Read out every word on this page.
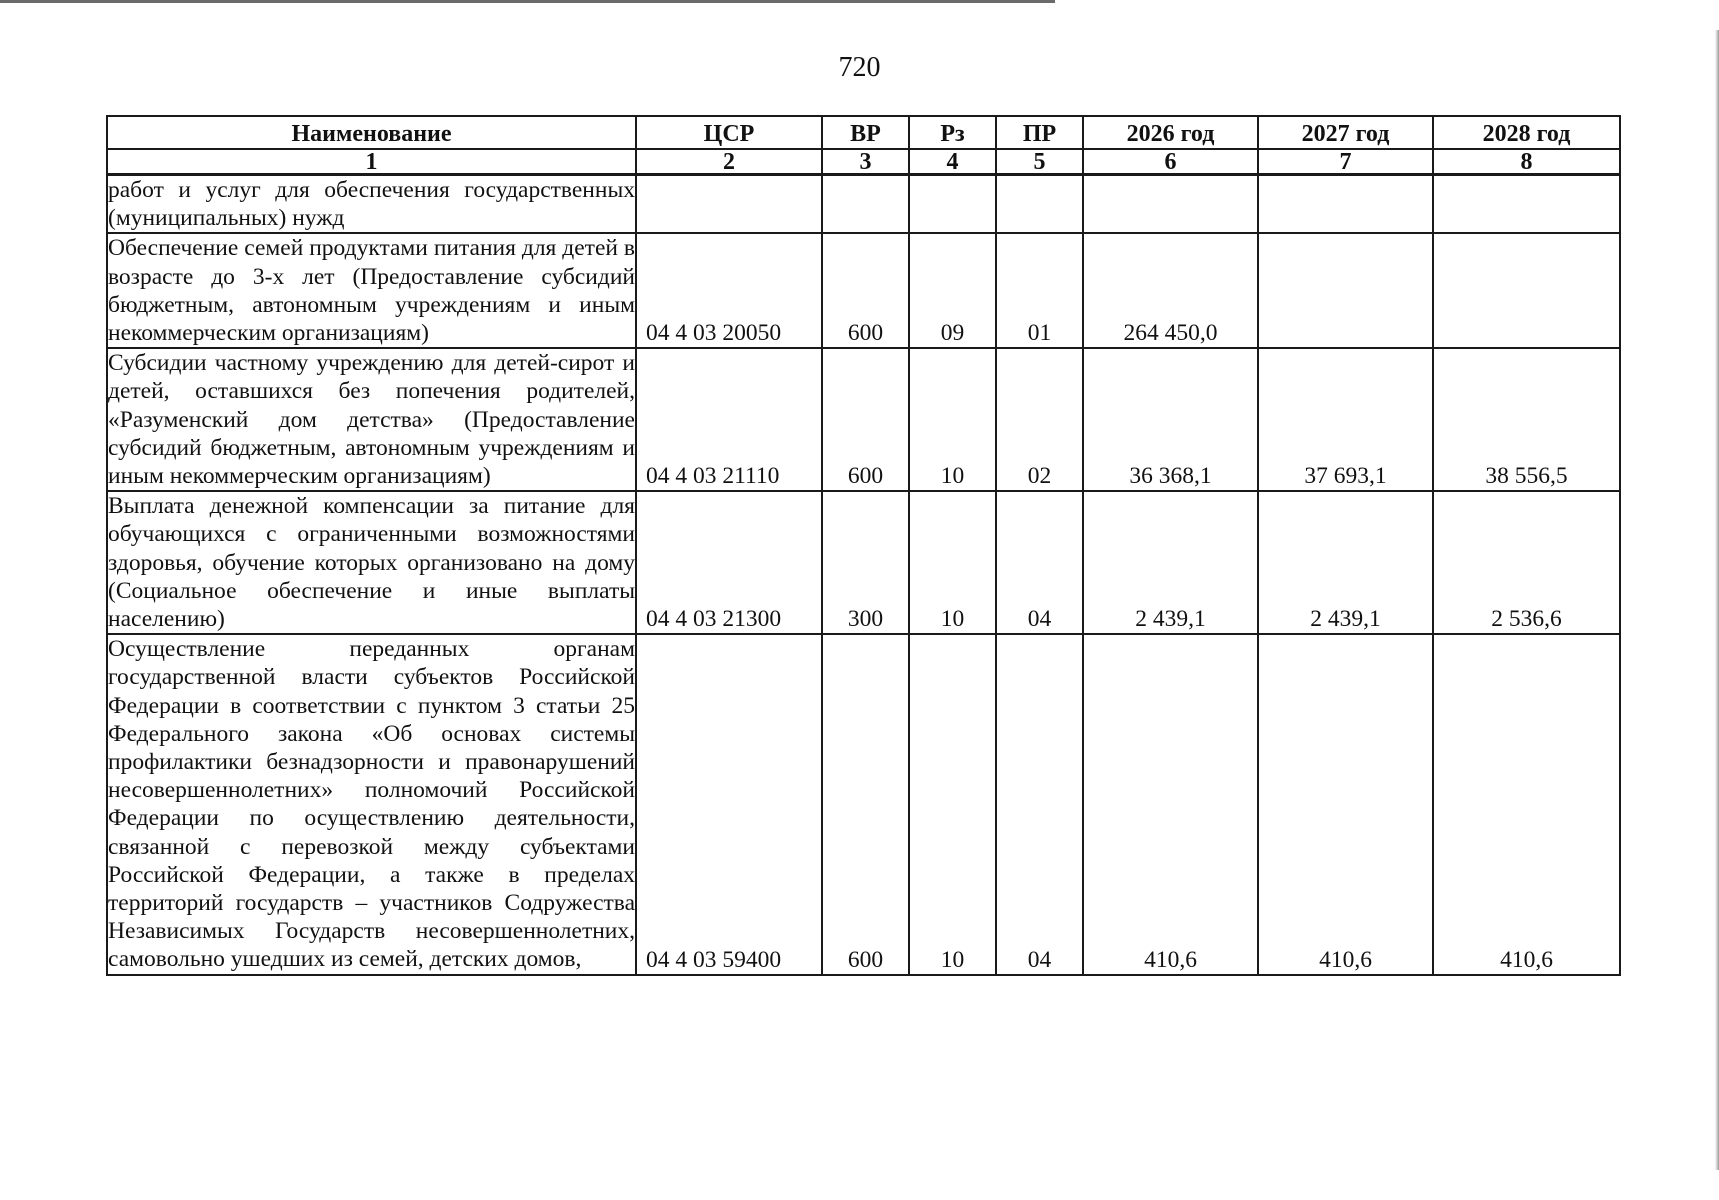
720
Наименование	ЦСР	ВР	Рз	ПР	2026 год	2027 год	2028 год
1	2	3	4	5	6	7	8
работ и услуг для обеспечения государственных (муниципальных) нужд							
Обеспечение семей продуктами питания для детей в возрасте до 3-х лет (Предоставление субсидий бюджетным, автономным учреждениям и иным некоммерческим организациям)	04 4 03 20050	600	09	01	264 450,0		
Субсидии частному учреждению для детей-сирот и детей, оставшихся без попечения родителей, «Разуменский дом детства» (Предоставление субсидий бюджетным, автономным учреждениям и иным некоммерческим организациям)	04 4 03 21110	600	10	02	36 368,1	37 693,1	38 556,5
Выплата денежной компенсации за питание для обучающихся с ограниченными возможностями здоровья, обучение которых организовано на дому (Социальное обеспечение и иные выплаты населению)	04 4 03 21300	300	10	04	2 439,1	2 439,1	2 536,6
Осуществление переданных органам государственной власти субъектов Российской Федерации в соответствии с пунктом 3 статьи 25 Федерального закона «Об основах системы профилактики безнадзорности и правонарушений несовершеннолетних» полномочий Российской Федерации по осуществлению деятельности, связанной с перевозкой между субъектами Российской Федерации, а также в пределах территорий государств – участников Содружества Независимых Государств несовершеннолетних, самовольно ушедших из семей, детских домов,	04 4 03 59400	600	10	04	410,6	410,6	410,6
